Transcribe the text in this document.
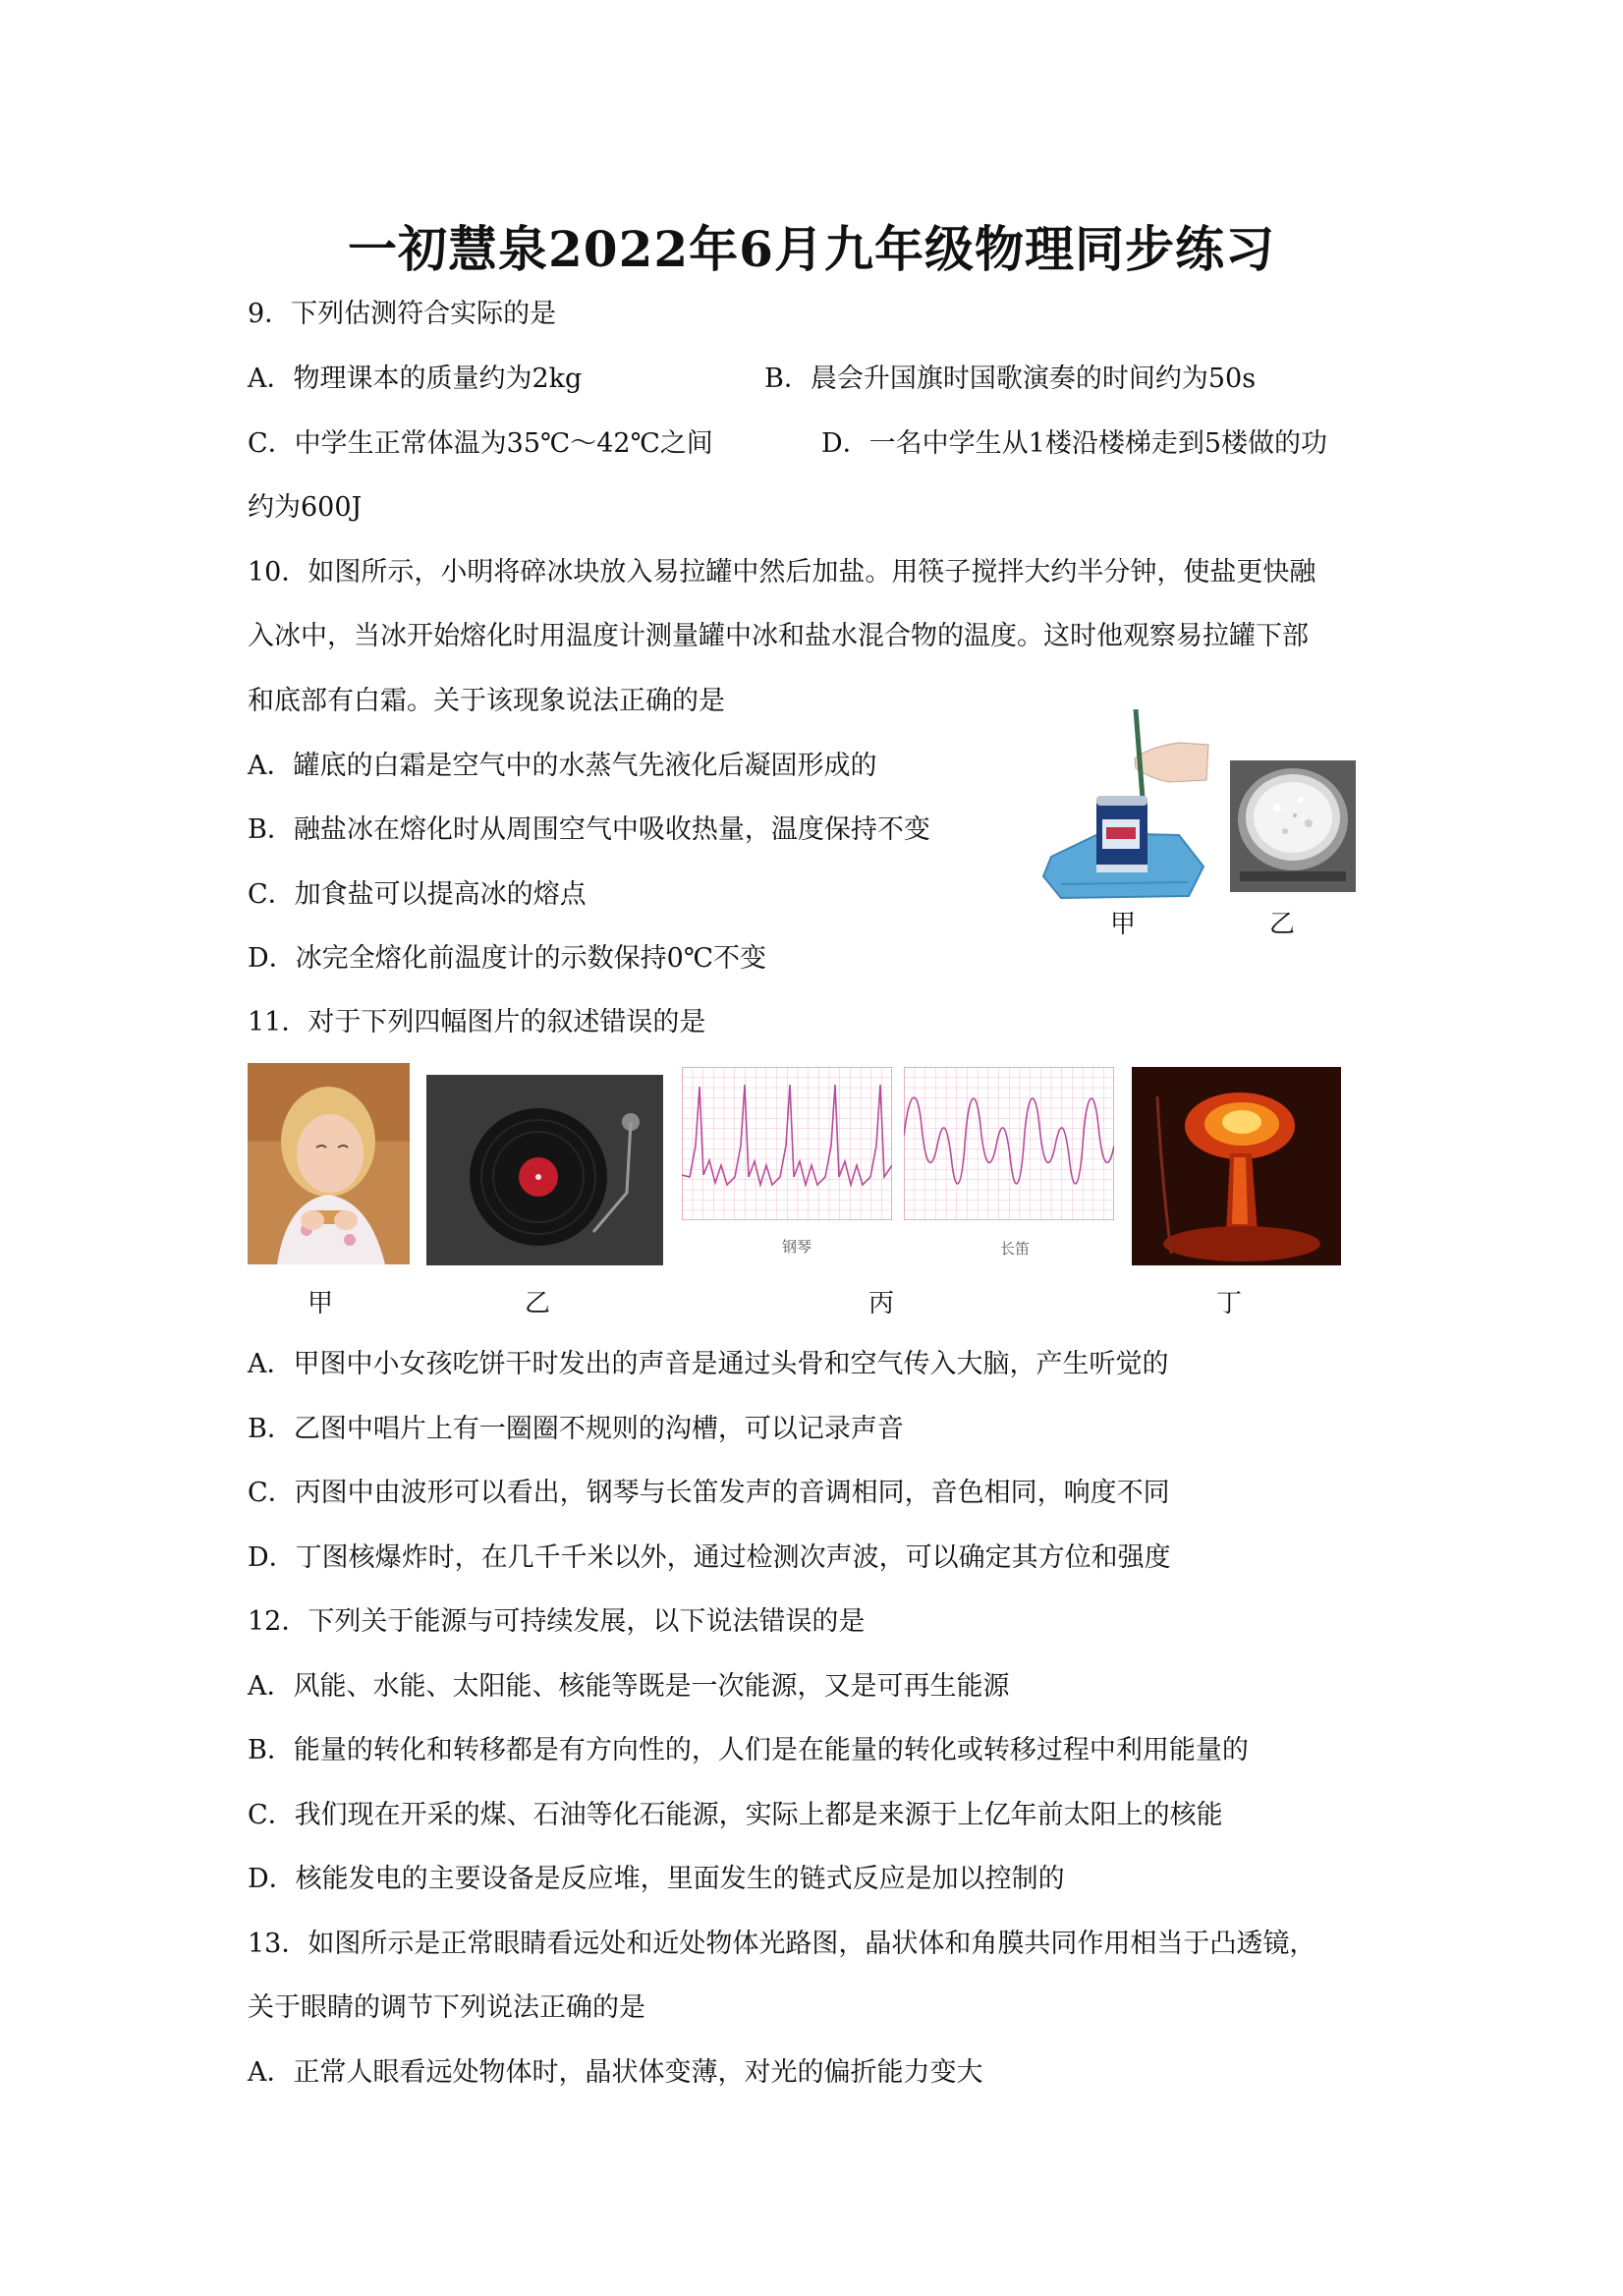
一初慧泉2022年6月九年级物理同步练习
9．下列估测符合实际的是
A．物理课本的质量约为2kg	B．晨会升国旗时国歌演奏的时间约为50s
C．中学生正常体温为35℃～42℃之间	D．一名中学生从1楼沿楼梯走到5楼做的功
约为600J
10．如图所示，小明将碎冰块放入易拉罐中然后加盐。用筷子搅拌大约半分钟，使盐更快融
入冰中，当冰开始熔化时用温度计测量罐中冰和盐水混合物的温度。这时他观察易拉罐下部
和底部有白霜。关于该现象说法正确的是
A．罐底的白霜是空气中的水蒸气先液化后凝固形成的
B．融盐冰在熔化时从周围空气中吸收热量，温度保持不变
C．加食盐可以提高冰的熔点
D．冰完全熔化前温度计的示数保持0℃不变
甲	乙
11．对于下列四幅图片的叙述错误的是
钢琴	长笛
甲	乙	丙	丁
A．甲图中小女孩吃饼干时发出的声音是通过头骨和空气传入大脑，产生听觉的
B．乙图中唱片上有一圈圈不规则的沟槽，可以记录声音
C．丙图中由波形可以看出，钢琴与长笛发声的音调相同，音色相同，响度不同
D．丁图核爆炸时，在几千千米以外，通过检测次声波，可以确定其方位和强度
12．下列关于能源与可持续发展，以下说法错误的是
A．风能、水能、太阳能、核能等既是一次能源，又是可再生能源
B．能量的转化和转移都是有方向性的，人们是在能量的转化或转移过程中利用能量的
C．我们现在开采的煤、石油等化石能源，实际上都是来源于上亿年前太阳上的核能
D．核能发电的主要设备是反应堆，里面发生的链式反应是加以控制的
13．如图所示是正常眼睛看远处和近处物体光路图，晶状体和角膜共同作用相当于凸透镜，
关于眼睛的调节下列说法正确的是
A．正常人眼看远处物体时，晶状体变薄，对光的偏折能力变大
